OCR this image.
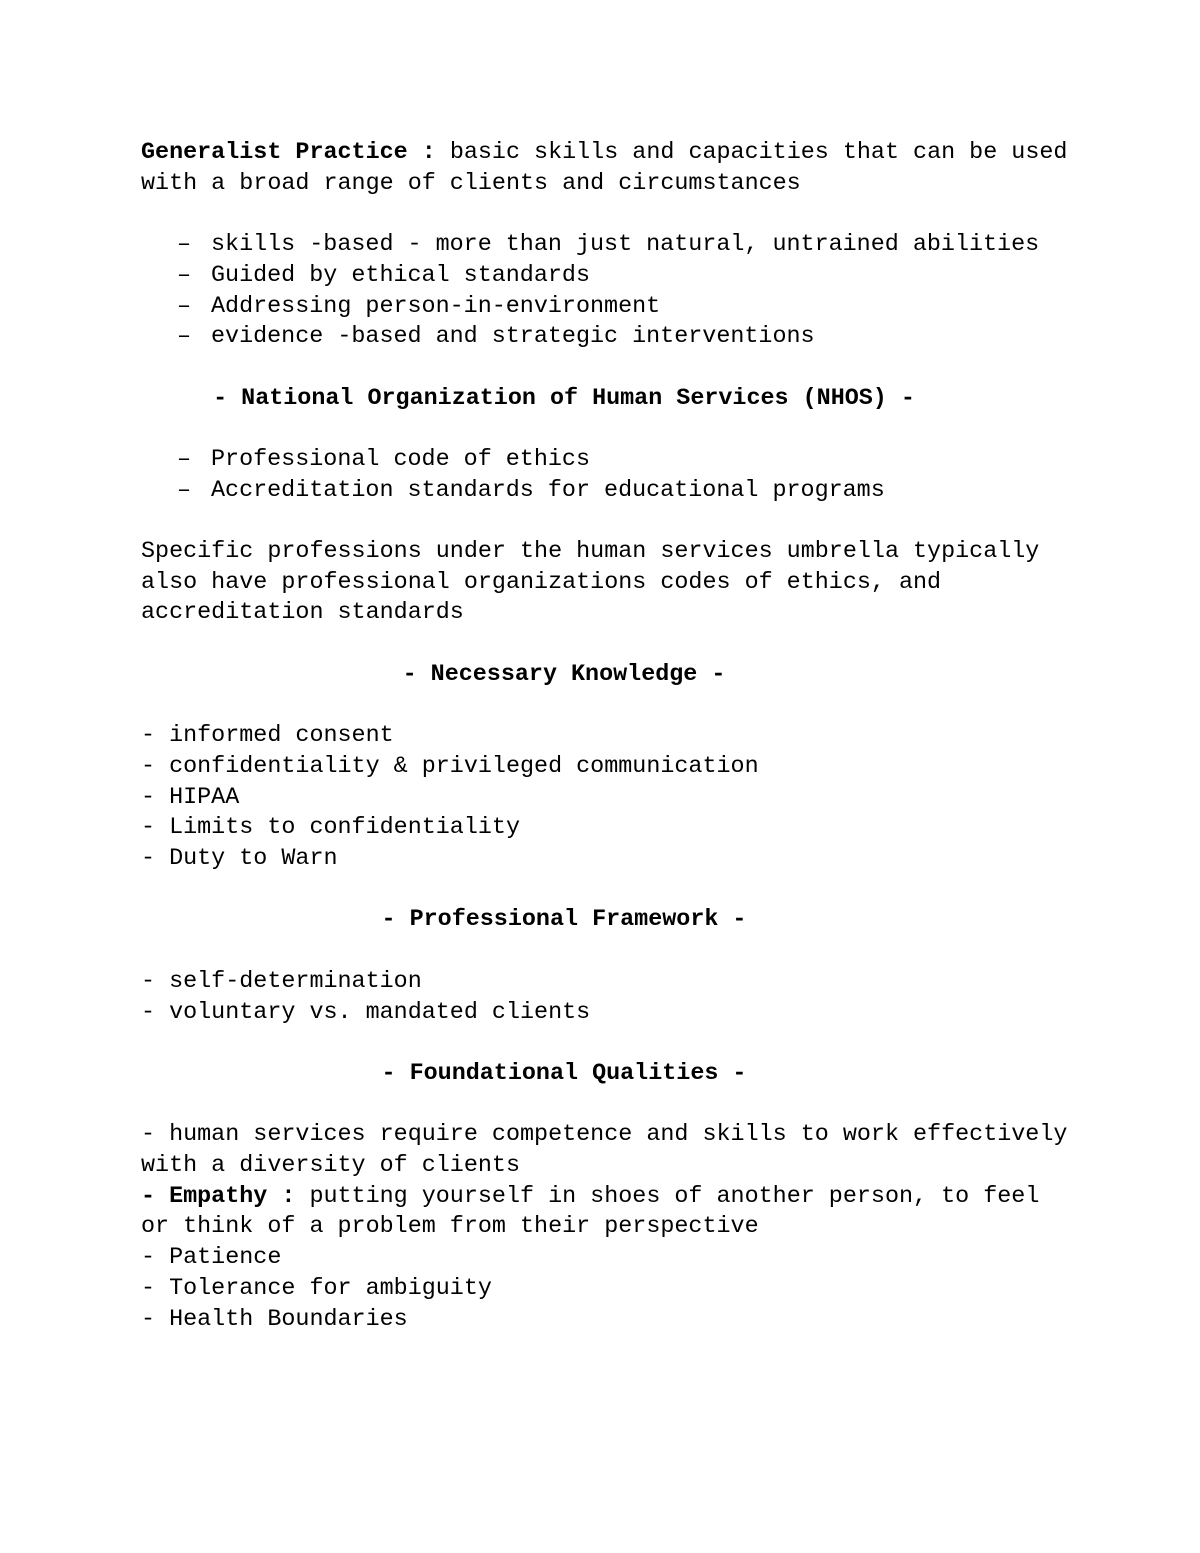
Generalist Practice : basic skills and capacities that can be used with a broad range of clients and circumstances

– skills -based - more than just natural, untrained abilities
– Guided by ethical standards
– Addressing person-in-environment
– evidence -based and strategic interventions

- National Organization of Human Services (NHOS) -

– Professional code of ethics
– Accreditation standards for educational programs

Specific professions under the human services umbrella typically also have professional organizations codes of ethics, and accreditation standards

- Necessary Knowledge -

- informed consent

- confidentiality & privileged communication

- HIPAA

- Limits to confidentiality

- Duty to Warn

- Professional Framework -

- self-determination

- voluntary vs. mandated clients

- Foundational Qualities -

- human services require competence and skills to work effectively with a diversity of clients

- Empathy : putting yourself in shoes of another person, to feel or think of a problem from their perspective

- Patience

- Tolerance for ambiguity

- Health Boundaries
